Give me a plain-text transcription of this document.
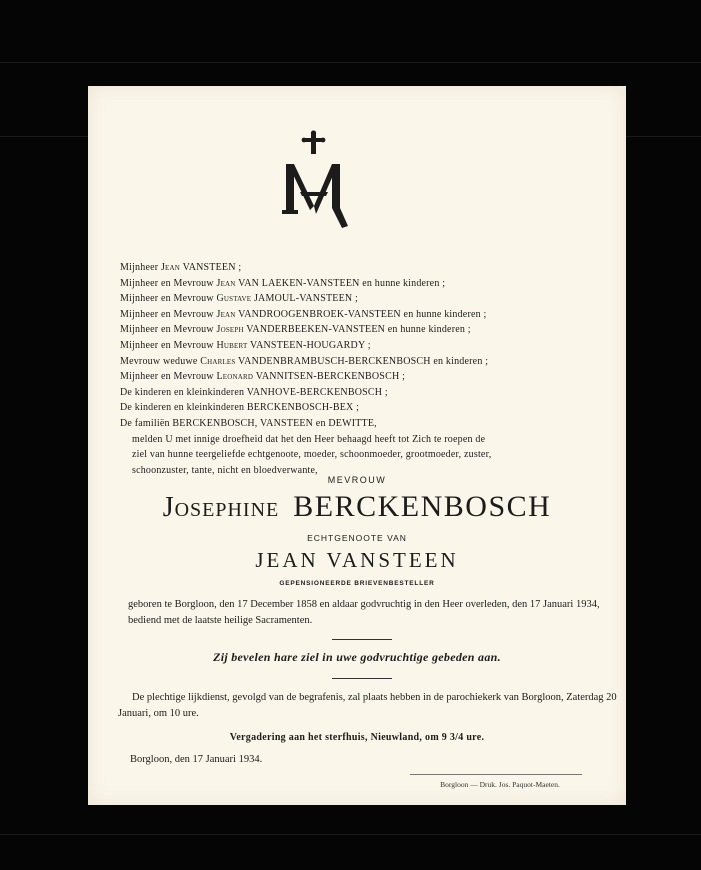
Mijnheer Jean VANSTEEN ;
Mijnheer en Mevrouw Jean VAN LAEKEN-VANSTEEN en hunne kinderen ;
Mijnheer en Mevrouw Gustave JAMOUL-VANSTEEN ;
Mijnheer en Mevrouw Jean VANDROOGENBROEK-VANSTEEN en hunne kinderen ;
Mijnheer en Mevrouw Joseph VANDERBEEKEN-VANSTEEN en hunne kinderen ;
Mijnheer en Mevrouw Hubert VANSTEEN-HOUGARDY ;
Mevrouw weduwe Charles VANDENBRAMBUSCH-BERCKENBOSCH en kinderen ;
Mijnheer en Mevrouw Leonard VANNITSEN-BERCKENBOSCH ;
De kinderen en kleinkinderen VANHOVE-BERCKENBOSCH ;
De kinderen en kleinkinderen BERCKENBOSCH-BEX ;
De familiën BERCKENBOSCH, VANSTEEN en DEWITTE,
melden U met innige droefheid dat het den Heer behaagd heeft tot Zich te roepen de
ziel van hunne teergeliefde echtgenoote, moeder, schoonmoeder, grootmoeder, zuster,
schoonzuster, tante, nicht en bloedverwante,
MEVROUW
Josephine BERCKENBOSCH
ECHTGENOOTE VAN
JEAN VANSTEEN
GEPENSIONEERDE BRIEVENBESTELLER
geboren te Borgloon, den 17 December 1858 en aldaar godvruchtig in den Heer overleden, den 17 Januari 1934, bediend met de laatste heilige Sacramenten.
Zij bevelen hare ziel in uwe godvruchtige gebeden aan.
De plechtige lijkdienst, gevolgd van de begrafenis, zal plaats hebben in de parochiekerk van Borgloon, Zaterdag 20 Januari, om 10 ure.
Vergadering aan het sterfhuis, Nieuwland, om 9 3/4 ure.
Borgloon, den 17 Januari 1934.
Borgloon — Druk. Jos. Paquot-Maeten.
